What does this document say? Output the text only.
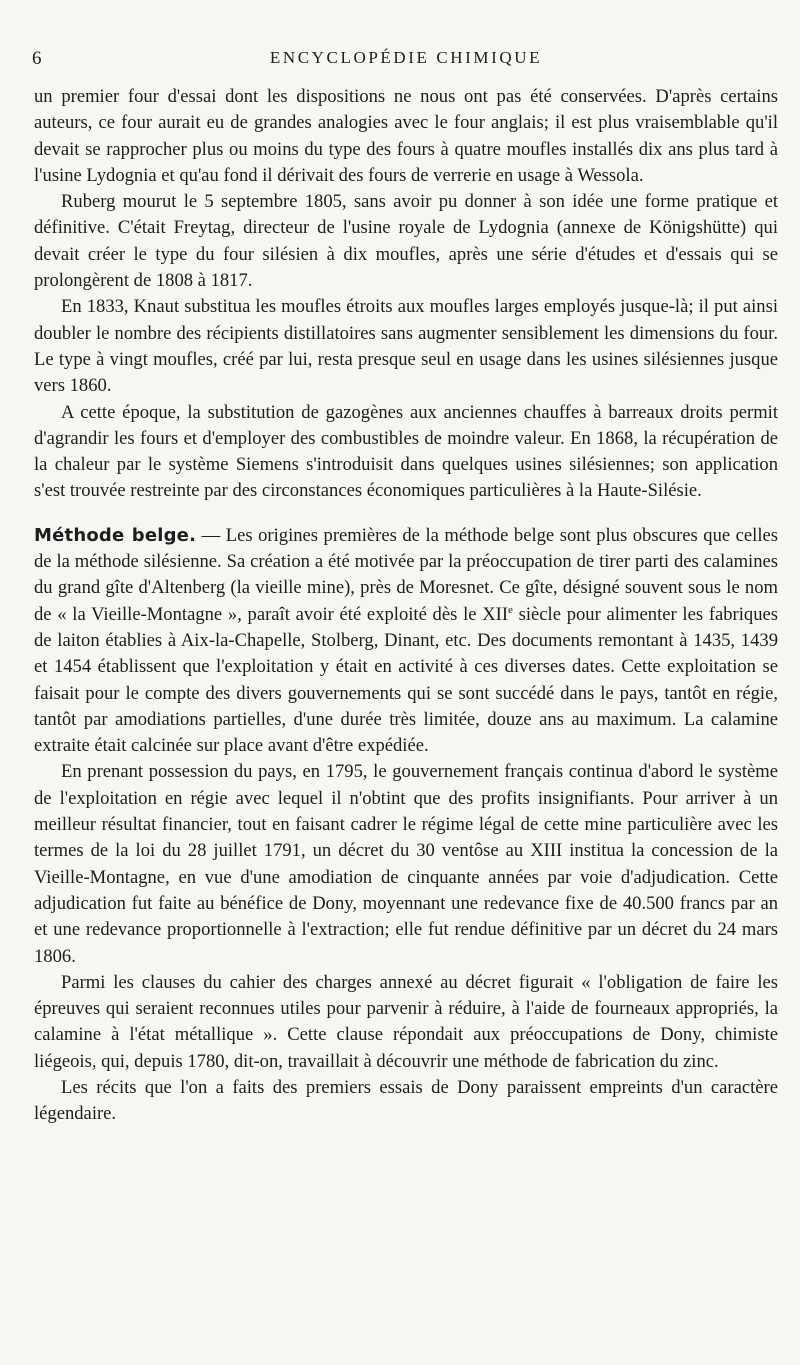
6	ENCYCLOPÉDIE CHIMIQUE

un premier four d'essai dont les dispositions ne nous ont pas été conservées. D'après certains auteurs, ce four aurait eu de grandes analogies avec le four anglais; il est plus vraisemblable qu'il devait se rapprocher plus ou moins du type des fours à quatre moufles installés dix ans plus tard à l'usine Lydognia et qu'au fond il dérivait des fours de verrerie en usage à Wessola.

Ruberg mourut le 5 septembre 1805, sans avoir pu donner à son idée une forme pratique et définitive. C'était Freytag, directeur de l'usine royale de Lydognia (annexe de Königshütte) qui devait créer le type du four silésien à dix moufles, après une série d'études et d'essais qui se prolongèrent de 1808 à 1817.

En 1833, Knaut substitua les moufles étroits aux moufles larges employés jusque-là; il put ainsi doubler le nombre des récipients distillatoires sans augmenter sensiblement les dimensions du four. Le type à vingt moufles, créé par lui, resta presque seul en usage dans les usines silésiennes jusque vers 1860.

A cette époque, la substitution de gazogènes aux anciennes chauffes à barreaux droits permit d'agrandir les fours et d'employer des combustibles de moindre valeur. En 1868, la récupération de la chaleur par le système Siemens s'introduisit dans quelques usines silésiennes; son application s'est trouvée restreinte par des circonstances économiques particulières à la Haute-Silésie.

Méthode belge. — Les origines premières de la méthode belge sont plus obscures que celles de la méthode silésienne. Sa création a été motivée par la préoccupation de tirer parti des calamines du grand gîte d'Altenberg (la vieille mine), près de Moresnet. Ce gîte, désigné souvent sous le nom de « la Vieille-Montagne », paraît avoir été exploité dès le XIIe siècle pour alimenter les fabriques de laiton établies à Aix-la-Chapelle, Stolberg, Dinant, etc. Des documents remontant à 1435, 1439 et 1454 établissent que l'exploitation y était en activité à ces diverses dates. Cette exploitation se faisait pour le compte des divers gouvernements qui se sont succédé dans le pays, tantôt en régie, tantôt par amodiations partielles, d'une durée très limitée, douze ans au maximum. La calamine extraite était calcinée sur place avant d'être expédiée.

En prenant possession du pays, en 1795, le gouvernement français continua d'abord le système de l'exploitation en régie avec lequel il n'obtint que des profits insignifiants. Pour arriver à un meilleur résultat financier, tout en faisant cadrer le régime légal de cette mine particulière avec les termes de la loi du 28 juillet 1791, un décret du 30 ventôse au XIII institua la concession de la Vieille-Montagne, en vue d'une amodiation de cinquante années par voie d'adjudication. Cette adjudication fut faite au bénéfice de Dony, moyennant une redevance fixe de 40.500 francs par an et une redevance proportionnelle à l'extraction; elle fut rendue définitive par un décret du 24 mars 1806.

Parmi les clauses du cahier des charges annexé au décret figurait « l'obligation de faire les épreuves qui seraient reconnues utiles pour parvenir à réduire, à l'aide de fourneaux appropriés, la calamine à l'état métallique ». Cette clause répondait aux préoccupations de Dony, chimiste liégeois, qui, depuis 1780, dit-on, travaillait à découvrir une méthode de fabrication du zinc.

Les récits que l'on a faits des premiers essais de Dony paraissent empreints d'un caractère légendaire.
